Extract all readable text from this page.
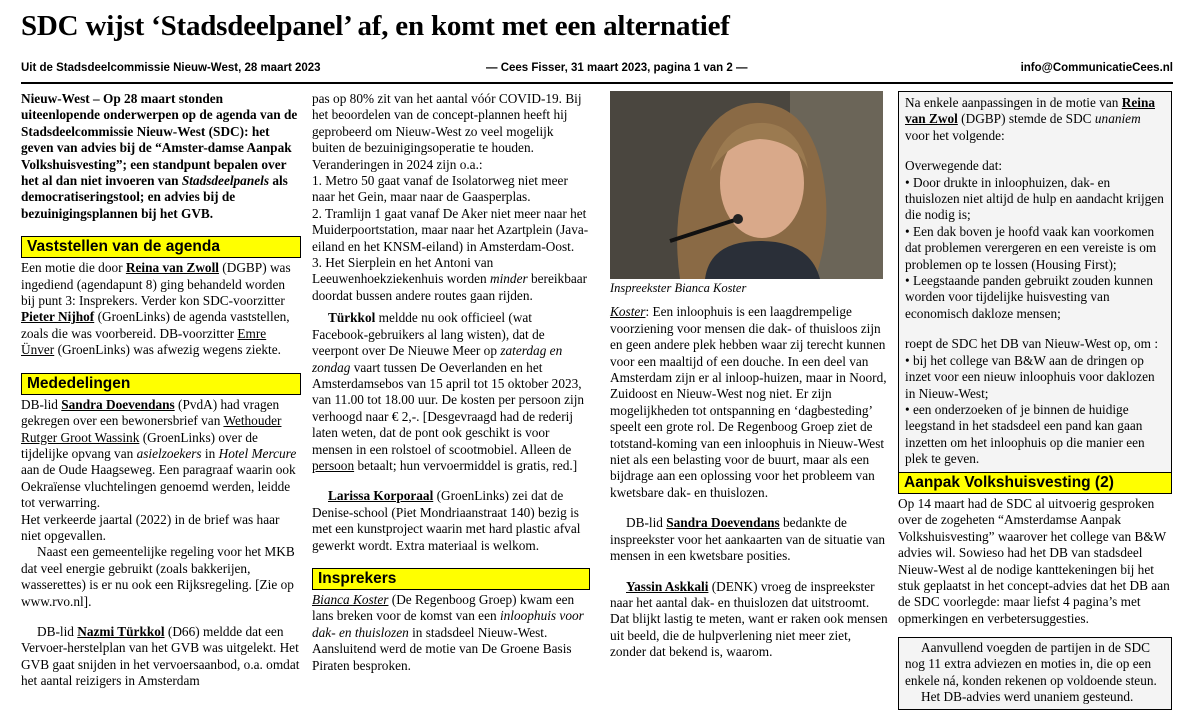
SDC wijst ‘Stadsdeelpanel’ af, en komt met een alternatief
Uit de Stadsdeelcommissie Nieuw-West, 28 maart 2023	— Cees Fisser, 31 maart 2023, pagina 1 van 2 —	info@CommunicatieCees.nl

Nieuw-West – Op 28 maart stonden uiteenlopende onderwerpen op de agenda van de Stadsdeelcommissie Nieuw-West (SDC): het geven van advies bij de “Amster-damse Aanpak Volkshuisvesting”; een standpunt bepalen over het al dan niet invoeren van Stadsdeelpanels als democratiseringstool; en advies bij de bezuinigingsplannen bij het GVB.

Vaststellen van de agenda

Een motie die door Reina van Zwoll (DGBP) was ingediend (agendapunt 8) ging behandeld worden bij punt 3: Insprekers. Verder kon SDC-voorzitter Pieter Nijhof (GroenLinks) de agenda vaststellen, zoals die was voorbereid. DB-voorzitter Emre Ünver (GroenLinks) was afwezig wegens ziekte.

Mededelingen

DB-lid Sandra Doevendans (PvdA) had vragen gekregen over een bewonersbrief van Wethouder Rutger Groot Wassink (GroenLinks) over de tijdelijke opvang van asielzoekers in Hotel Mercure aan de Oude Haagseweg. Een paragraaf waarin ook Oekraïense vluchtelingen genoemd werden, leidde tot verwarring.

Het verkeerde jaartal (2022) in de brief was haar niet opgevallen.

Naast een gemeentelijke regeling voor het MKB dat veel energie gebruikt (zoals bakkerijen, wasserettes) is er nu ook een Rijksregeling. [Zie op www.rvo.nl].

DB-lid Nazmi Türkkol (D66) meldde dat een Vervoer-herstelplan van het GVB was uitgelekt. Het GVB gaat snijden in het vervoersaanbod, o.a. omdat het aantal reizigers in Amsterdam

pas op 80% zit van het aantal vóór COVID-19. Bij het beoordelen van de concept-plannen heeft hij geprobeerd om Nieuw-West zo veel mogelijk buiten de bezuinigingsoperatie te houden. Veranderingen in 2024 zijn o.a.:

1. Metro 50 gaat vanaf de Isolatorweg niet meer naar het Gein, maar naar de Gaasperplas.

2. Tramlijn 1 gaat vanaf De Aker niet meer naar het Muiderpoortstation, maar naar het Azartplein (Java-eiland en het KNSM-eiland) in Amsterdam-Oost.

3. Het Sierplein en het Antoni van Leeuwenhoekziekenhuis worden minder bereikbaar doordat bussen andere routes gaan rijden.

Türkkol meldde nu ook officieel (wat Facebook-gebruikers al lang wisten), dat de veerpont over De Nieuwe Meer op zaterdag en zondag vaart tussen De Oeverlanden en het Amsterdamsebos van 15 april tot 15 oktober 2023, van 11.00 tot 18.00 uur. De kosten per persoon zijn verhoogd naar € 2,-. [Desgevraagd had de rederij laten weten, dat de pont ook geschikt is voor mensen in een rolstoel of scootmobiel. Alleen de persoon betaalt; hun vervoermiddel is gratis, red.]

Larissa Korporaal (GroenLinks) zei dat de Denise-school (Piet Mondriaanstraat 140) bezig is met een kunstproject waarin met hard plastic afval gewerkt wordt. Extra materiaal is welkom.

Insprekers

Bianca Koster (De Regenboog Groep) kwam een lans breken voor de komst van een inloophuis voor dak- en thuislozen in stadsdeel Nieuw-West. Aansluitend werd de motie van De Groene Basis Piraten besproken.

Inspreekster Bianca Koster

Koster: Een inloophuis is een laagdrempelige voorziening voor mensen die dak- of thuisloos zijn en geen andere plek hebben waar zij terecht kunnen voor een maaltijd of een douche. In een deel van Amsterdam zijn er al inloop-huizen, maar in Noord, Zuidoost en Nieuw-West nog niet. Er zijn mogelijkheden tot ontspanning en ‘dagbesteding’ speelt een grote rol. De Regenboog Groep ziet de totstand-koming van een inloophuis in Nieuw-West niet als een belasting voor de buurt, maar als een bijdrage aan een oplossing voor het probleem van kwetsbare dak- en thuislozen.

DB-lid Sandra Doevendans bedankte de inspreekster voor het aankaarten van de situatie van mensen in een kwetsbare posities.

Yassin Askkali (DENK) vroeg de inspreekster naar het aantal dak- en thuislozen dat uitstroomt. Dat blijkt lastig te meten, want er raken ook mensen uit beeld, die de hulpverlening niet meer ziet, zonder dat bekend is, waarom.

Na enkele aanpassingen in de motie van Reina van Zwol (DGBP) stemde de SDC unaniem voor het volgende:

Overwegende dat:

• Door drukte in inloophuizen, dak- en thuislozen niet altijd de hulp en aandacht krijgen die nodig is;

• Een dak boven je hoofd vaak kan voorkomen dat problemen verergeren en een vereiste is om problemen op te lossen (Housing First);

• Leegstaande panden gebruikt zouden kunnen worden voor tijdelijke huisvesting van economisch dakloze mensen;

roept de SDC het DB van Nieuw-West op, om :

• bij het college van B&W aan de dringen op inzet voor een nieuw inloophuis voor daklozen in Nieuw-West;

• een onderzoeken of je binnen de huidige leegstand in het stadsdeel een pand kan gaan inzetten om het inloophuis op die manier een plek te geven.

Aanpak Volkshuisvesting (2)

Op 14 maart had de SDC al uitvoerig gesproken over de zogeheten “Amsterdamse Aanpak Volkshuisvesting” waarover het college van B&W advies wil. Sowieso had het DB van stadsdeel Nieuw-West al de nodige kanttekeningen bij het stuk geplaatst in het concept-advies dat het DB aan de SDC voorlegde: maar liefst 4 pagina’s met opmerkingen en verbetersuggesties.

Aanvullend voegden de partijen in de SDC nog 11 extra adviezen en moties in, die op een enkele ná, konden rekenen op voldoende steun.

Het DB-advies werd unaniem gesteund.
